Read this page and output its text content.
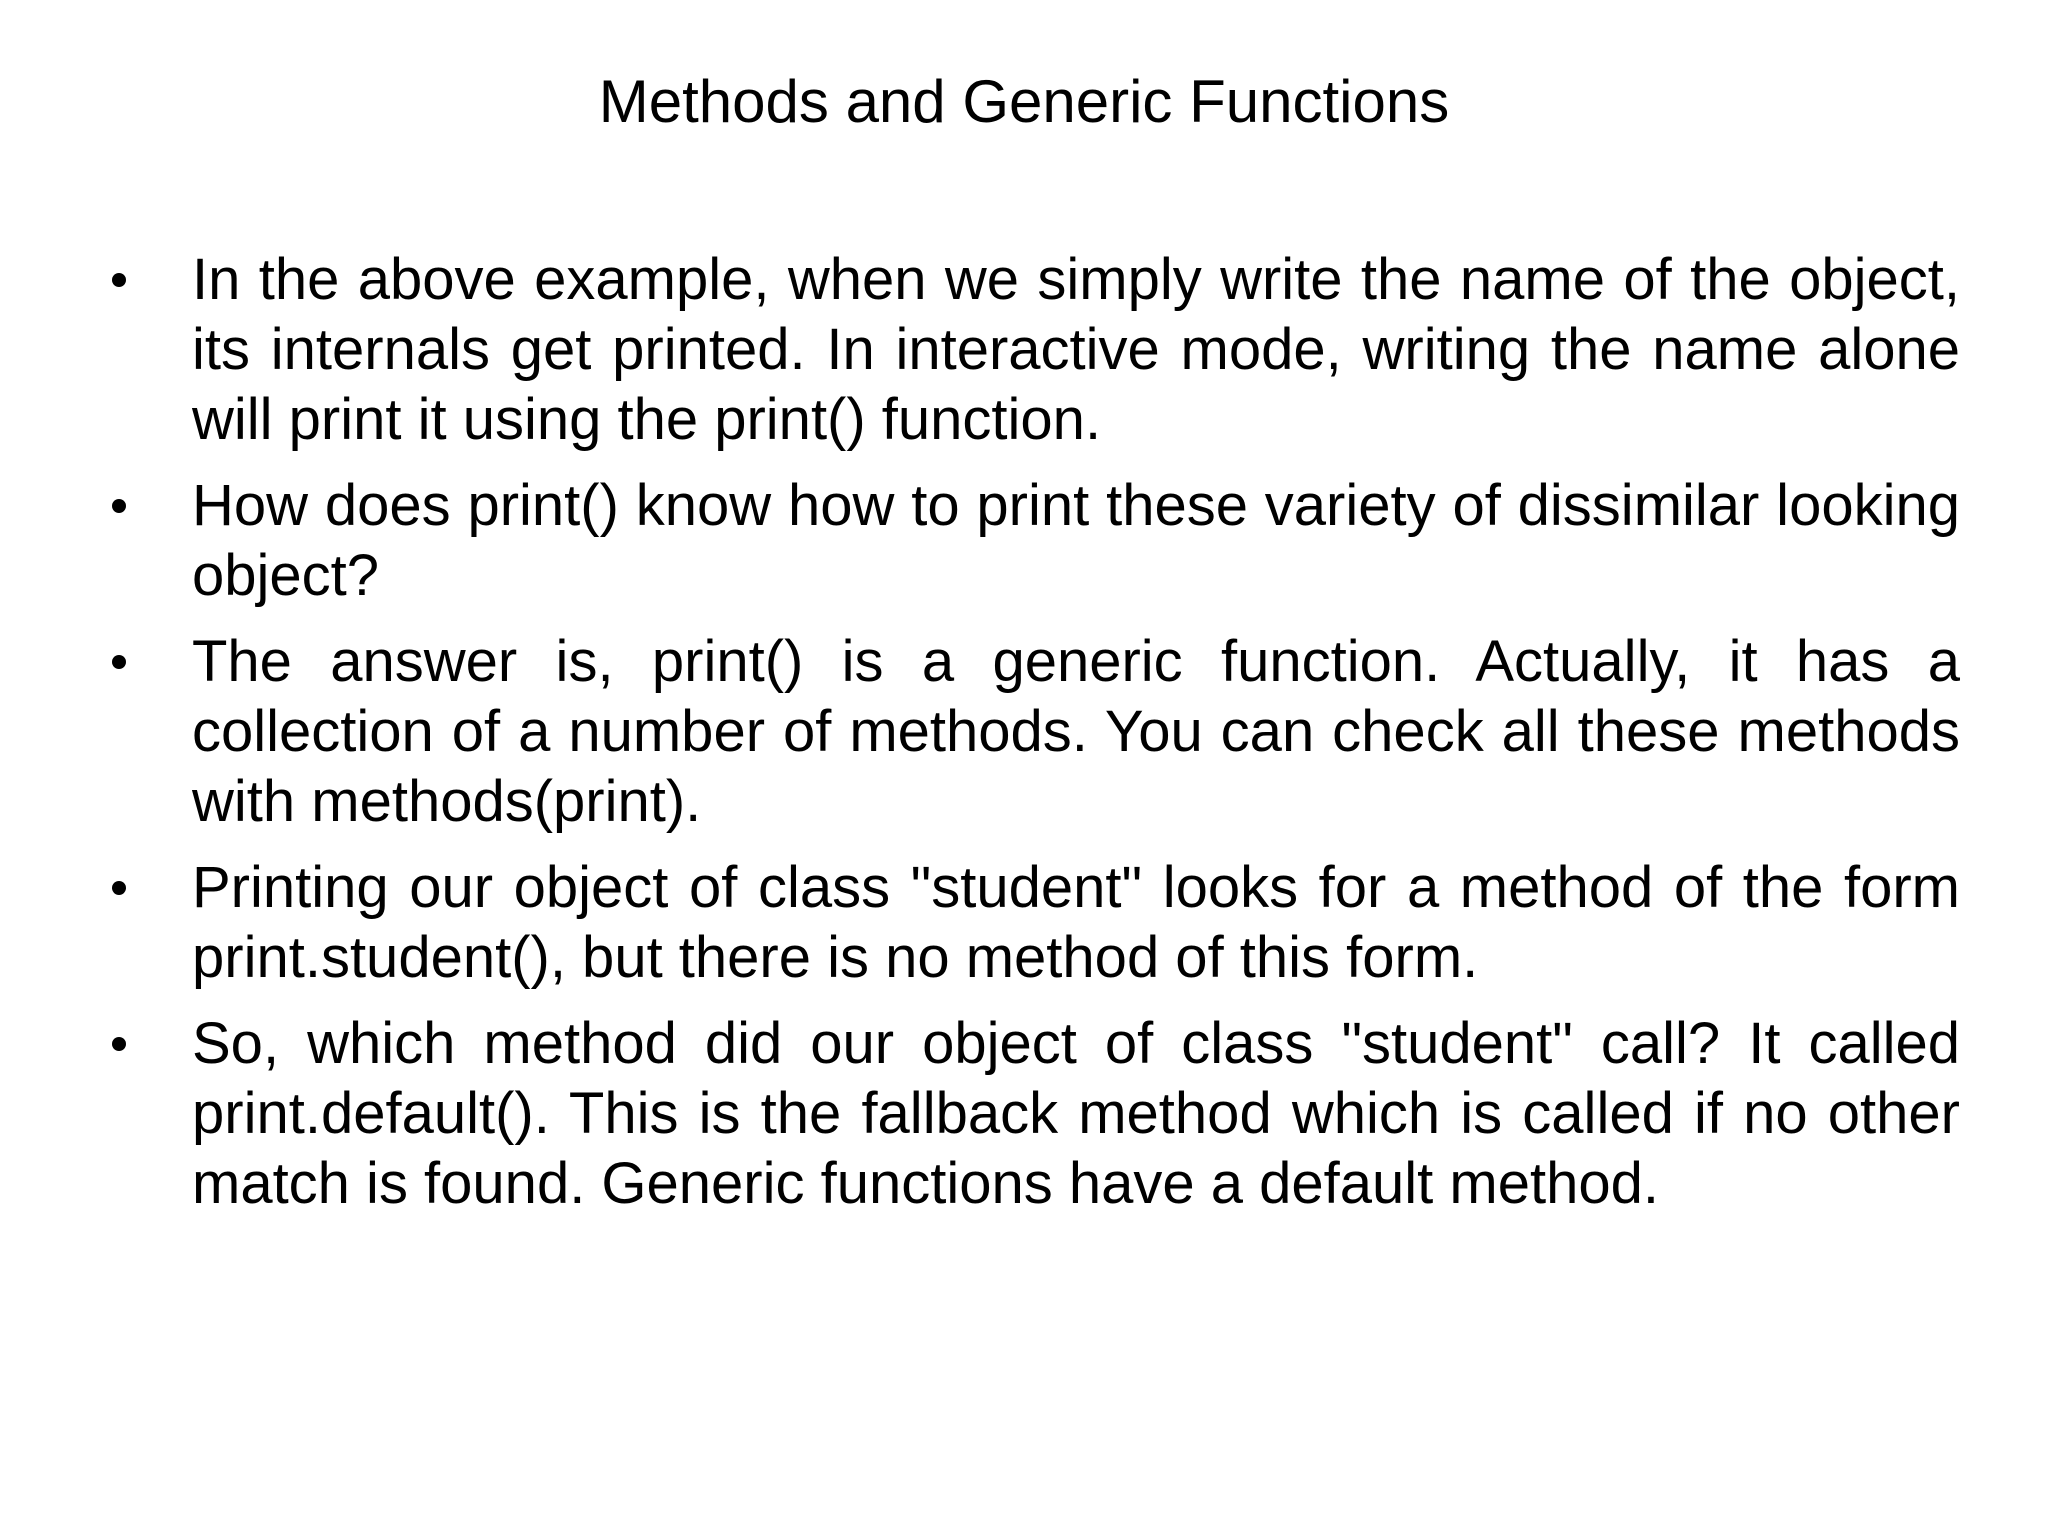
Methods and Generic Functions
In the above example, when we simply write the name of the object, its internals get printed. In interactive mode, writing the name alone will print it using the print() function.
How does print() know how to print these variety of dissimilar looking object?
The answer is, print() is a generic function. Actually, it has a collection of a number of methods. You can check all these methods with methods(print).
Printing our object of class "student" looks for a method of the form print.student(), but there is no method of this form.
So, which method did our object of class "student" call? It called print.default(). This is the fallback method which is called if no other match is found. Generic functions have a default method.
